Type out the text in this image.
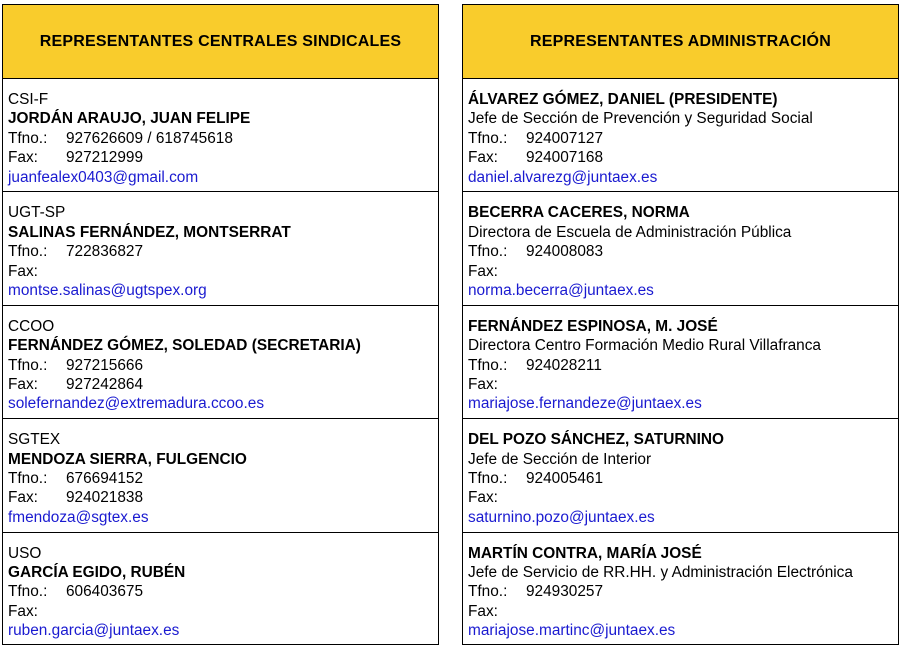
REPRESENTANTES CENTRALES SINDICALES
CSI-F
JORDÁN ARAUJO, JUAN FELIPE
Tfno.: 927626609 / 618745618
Fax: 927212999
juanfealex0403@gmail.com
UGT-SP
SALINAS FERNÁNDEZ, MONTSERRAT
Tfno.: 722836827
Fax:
montse.salinas@ugtspex.org
CCOO
FERNÁNDEZ GÓMEZ, SOLEDAD (SECRETARIA)
Tfno.: 927215666
Fax: 927242864
solefernandez@extremadura.ccoo.es
SGTEX
MENDOZA SIERRA, FULGENCIO
Tfno.: 676694152
Fax: 924021838
fmendoza@sgtex.es
USO
GARCÍA EGIDO, RUBÉN
Tfno.: 606403675
Fax:
ruben.garcia@juntaex.es
REPRESENTANTES ADMINISTRACIÓN
ÁLVAREZ GÓMEZ, DANIEL (PRESIDENTE)
Jefe de Sección de Prevención y Seguridad Social
Tfno.: 924007127
Fax: 924007168
daniel.alvarezg@juntaex.es
BECERRA CACERES, NORMA
Directora de Escuela de Administración Pública
Tfno.: 924008083
Fax:
norma.becerra@juntaex.es
FERNÁNDEZ ESPINOSA, M. JOSÉ
Directora Centro Formación Medio Rural Villafranca
Tfno.: 924028211
Fax:
mariajose.fernandeze@juntaex.es
DEL POZO SÁNCHEZ, SATURNINO
Jefe de Sección de Interior
Tfno.: 924005461
Fax:
saturnino.pozo@juntaex.es
MARTÍN CONTRA, MARÍA JOSÉ
Jefe de Servicio de RR.HH. y Administración Electrónica
Tfno.: 924930257
Fax:
mariajose.martinc@juntaex.es
